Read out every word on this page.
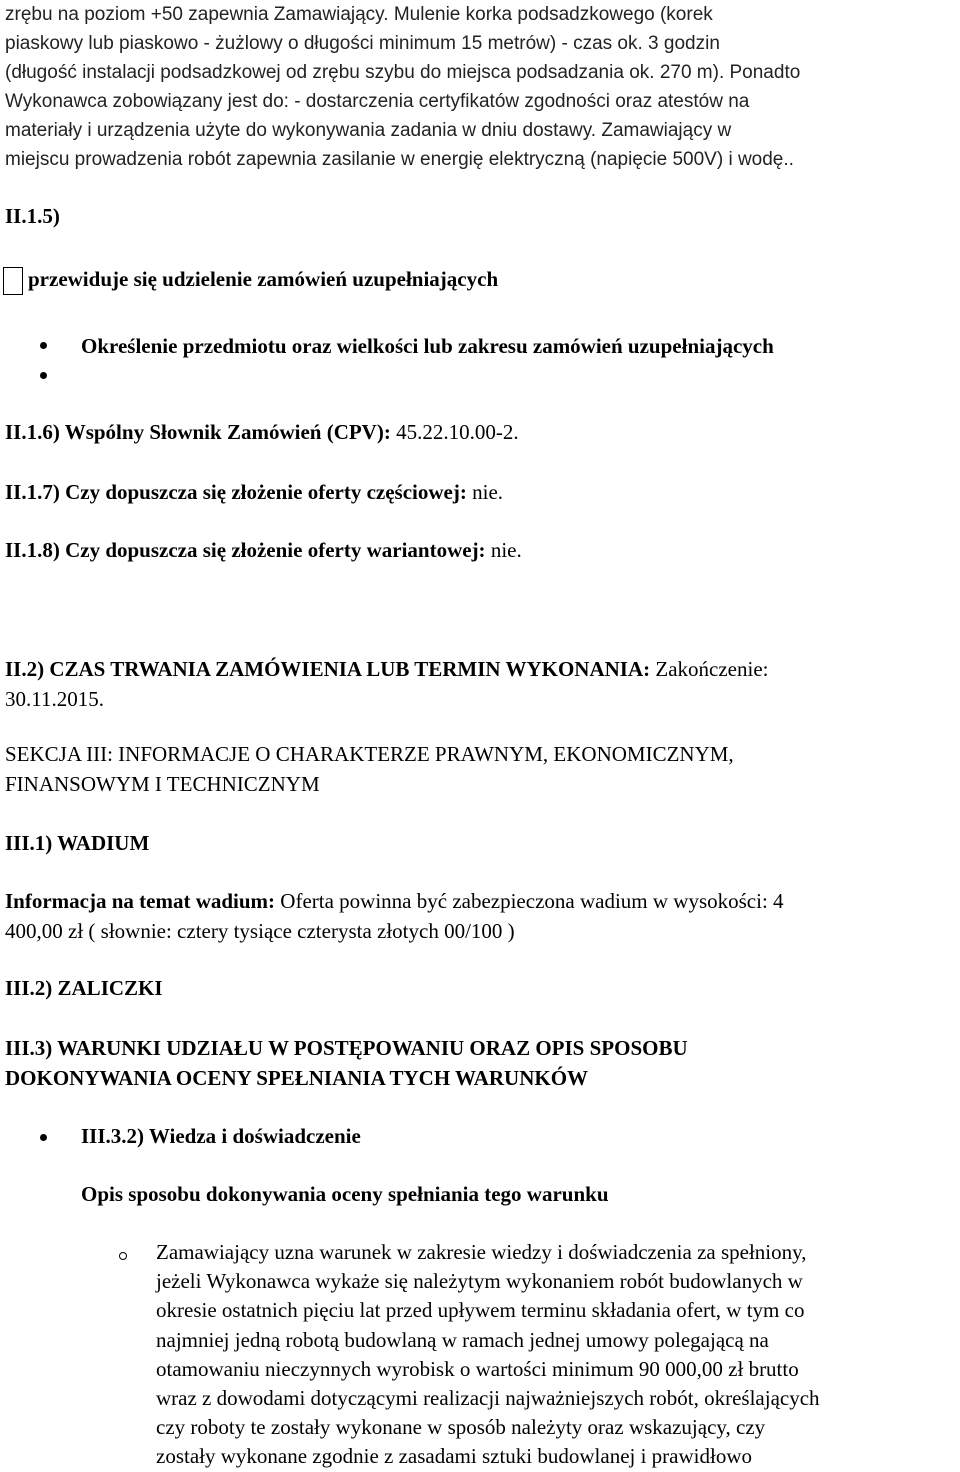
zrębu na poziom +50 zapewnia Zamawiający. Mulenie korka podsadzkowego (korek
piaskowy lub piaskowo - żużlowy o długości minimum 15 metrów) - czas ok. 3 godzin
(długość instalacji podsadzkowej od zrębu szybu do miejsca podsadzania ok. 270 m). Ponadto
Wykonawca zobowiązany jest do: - dostarczenia certyfikatów zgodności oraz atestów na
materiały i urządzenia użyte do wykonywania zadania w dniu dostawy. Zamawiający w
miejscu prowadzenia robót zapewnia zasilanie w energię elektryczną (napięcie 500V) i wodę..
II.1.5)
przewiduje się udzielenie zamówień uzupełniających
Określenie przedmiotu oraz wielkości lub zakresu zamówień uzupełniających
II.1.6) Wspólny Słownik Zamówień (CPV): 45.22.10.00-2.
II.1.7) Czy dopuszcza się złożenie oferty częściowej: nie.
II.1.8) Czy dopuszcza się złożenie oferty wariantowej: nie.
II.2) CZAS TRWANIA ZAMÓWIENIA LUB TERMIN WYKONANIA: Zakończenie:
30.11.2015.
SEKCJA III: INFORMACJE O CHARAKTERZE PRAWNYM, EKONOMICZNYM,
FINANSOWYM I TECHNICZNYM
III.1) WADIUM
Informacja na temat wadium: Oferta powinna być zabezpieczona wadium w wysokości: 4
400,00 zł ( słownie: cztery tysiące czterysta złotych 00/100 )
III.2) ZALICZKI
III.3) WARUNKI UDZIAŁU W POSTĘPOWANIU ORAZ OPIS SPOSOBU
DOKONYWANIA OCENY SPEŁNIANIA TYCH WARUNKÓW
III.3.2) Wiedza i doświadczenie
Opis sposobu dokonywania oceny spełniania tego warunku
Zamawiający uzna warunek w zakresie wiedzy i doświadczenia za spełniony,
jeżeli Wykonawca wykaże się należytym wykonaniem robót budowlanych w
okresie ostatnich pięciu lat przed upływem terminu składania ofert, w tym co
najmniej jedną robotą budowlaną w ramach jednej umowy polegającą na
otamowaniu nieczynnych wyrobisk o wartości minimum 90 000,00 zł brutto
wraz z dowodami dotyczącymi realizacji najważniejszych robót, określających
czy roboty te zostały wykonane w sposób należyty oraz wskazujący, czy
zostały wykonane zgodnie z zasadami sztuki budowlanej i prawidłowo
